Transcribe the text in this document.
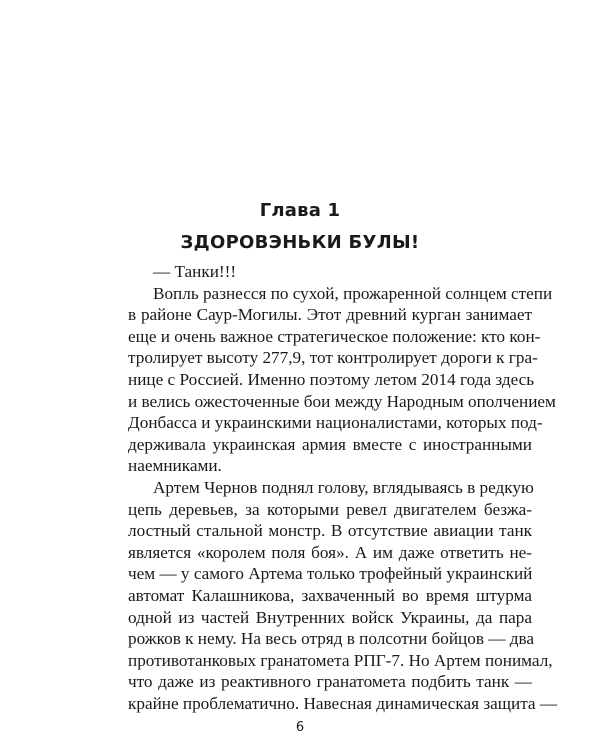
Глава 1
ЗДОРОВЭНЬКИ БУЛЫ!
— Танки!!!
Вопль разнесся по сухой, прожаренной солнцем степи
в районе Саур-Могилы. Этот древний курган занимает
еще и очень важное стратегическое положение: кто кон-
тролирует высоту 277,9, тот контролирует дороги к гра-
нице с Россией. Именно поэтому летом 2014 года здесь
и велись ожесточенные бои между Народным ополчением
Донбасса и украинскими националистами, которых под-
держивала украинская армия вместе с иностранными
наемниками.
Артем Чернов поднял голову, вглядываясь в редкую
цепь деревьев, за которыми ревел двигателем безжа-
лостный стальной монстр. В отсутствие авиации танк
является «королем поля боя». А им даже ответить не-
чем — у самого Артема только трофейный украинский
автомат Калашникова, захваченный во время штурма
одной из частей Внутренних войск Украины, да пара
рожков к нему. На весь отряд в полсотни бойцов — два
противотанковых гранатомета РПГ-7. Но Артем понимал,
что даже из реактивного гранатомета подбить танк —
крайне проблематично. Навесная динамическая защита —
6
